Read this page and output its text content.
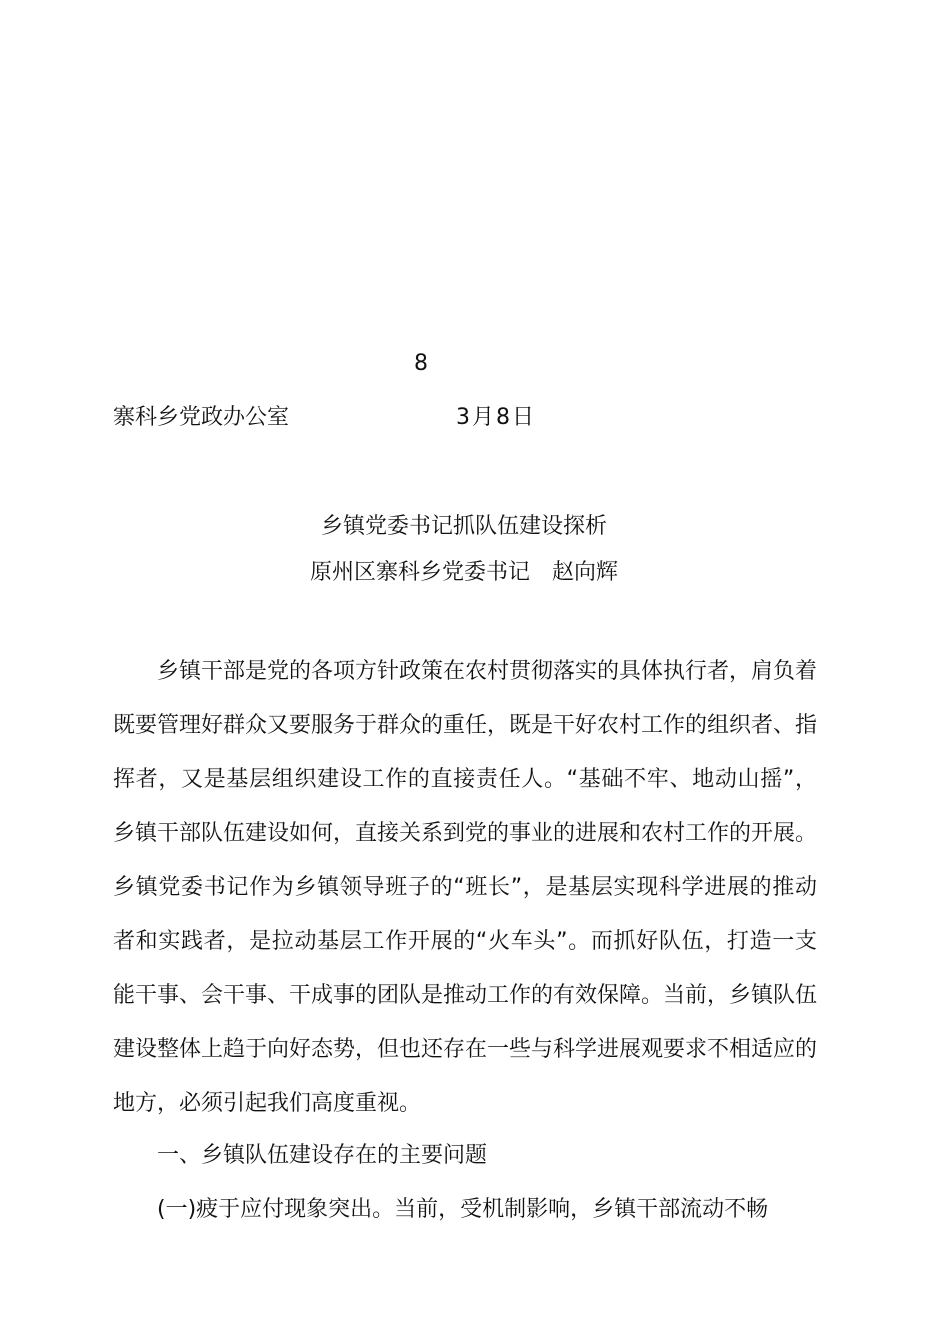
8
寨科乡党政办公室	3月8日
乡镇党委书记抓队伍建设探析
原州区寨科乡党委书记　赵向辉

乡镇干部是党的各项方针政策在农村贯彻落实的具体执行者，肩负着既要管理好群众又要服务于群众的重任，既是干好农村工作的组织者、指挥者，又是基层组织建设工作的直接责任人。“基础不牢、地动山摇”，乡镇干部队伍建设如何，直接关系到党的事业的进展和农村工作的开展。乡镇党委书记作为乡镇领导班子的“班长”，是基层实现科学进展的推动者和实践者，是拉动基层工作开展的“火车头”。而抓好队伍，打造一支能干事、会干事、干成事的团队是推动工作的有效保障。当前，乡镇队伍建设整体上趋于向好态势，但也还存在一些与科学进展观要求不相适应的地方，必须引起我们高度重视。

一、乡镇队伍建设存在的主要问题

(一)疲于应付现象突出。当前，受机制影响，乡镇干部流动不畅
